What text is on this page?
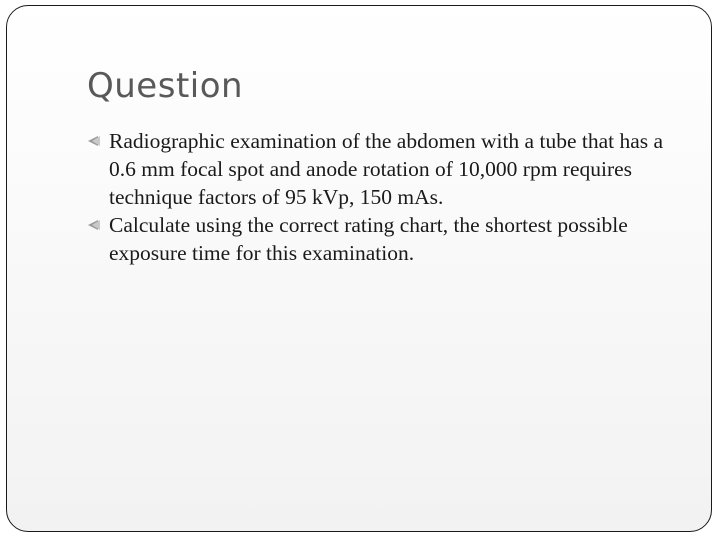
Question
Radiographic examination of the abdomen with a tube that has a 0.6 mm focal spot and anode rotation of 10,000 rpm requires technique factors of 95 kVp, 150 mAs.
Calculate using the correct rating chart, the shortest possible exposure time for this examination.
